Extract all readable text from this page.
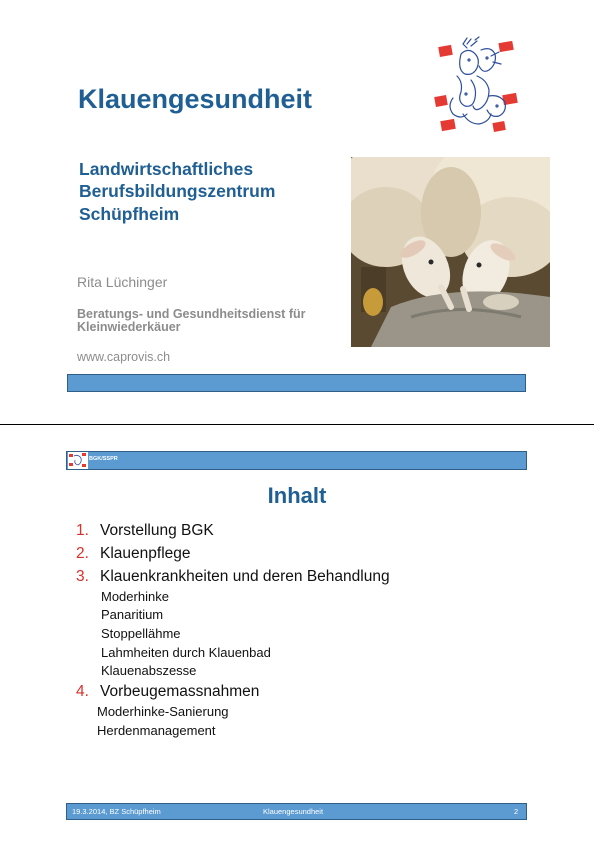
Klauengesundheit
Landwirtschaftliches
Berufsbildungszentrum
Schüpfheim
Rita Lüchinger
Beratungs- und Gesundheitsdienst für
Kleinwiederkäuer
www.caprovis.ch
BGK/SSPR
Inhalt
1. Vorstellung BGK
2. Klauenpflege
3. Klauenkrankheiten und deren Behandlung
Moderhinke
Panaritium
Stoppellähme
Lahmheiten durch Klauenbad
Klauenabszesse
4. Vorbeugemassnahmen
Moderhinke-Sanierung
Herdenmanagement
19.3.2014, BZ Schüpfheim	Klauengesundheit	2
